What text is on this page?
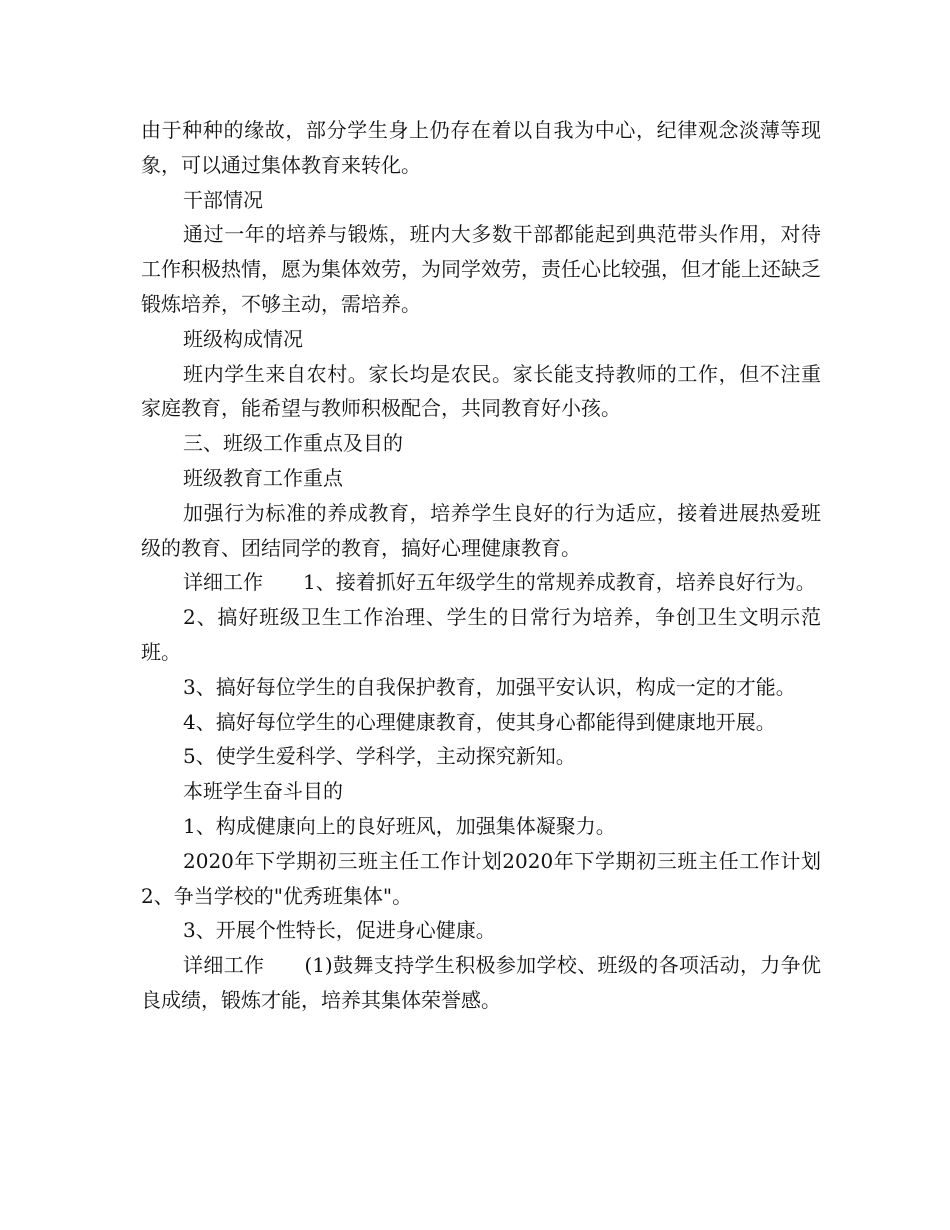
由于种种的缘故，部分学生身上仍存在着以自我为中心，纪律观念淡薄等现象，可以通过集体教育来转化。

干部情况

通过一年的培养与锻炼，班内大多数干部都能起到典范带头作用，对待工作积极热情，愿为集体效劳，为同学效劳，责任心比较强，但才能上还缺乏锻炼培养，不够主动，需培养。

班级构成情况

班内学生来自农村。家长均是农民。家长能支持教师的工作，但不注重家庭教育，能希望与教师积极配合，共同教育好小孩。

三、班级工作重点及目的

班级教育工作重点

加强行为标准的养成教育，培养学生良好的行为适应，接着进展热爱班级的教育、团结同学的教育，搞好心理健康教育。

详细工作 1、接着抓好五年级学生的常规养成教育，培养良好行为。

2、搞好班级卫生工作治理、学生的日常行为培养，争创卫生文明示范班。

3、搞好每位学生的自我保护教育，加强平安认识，构成一定的才能。

4、搞好每位学生的心理健康教育，使其身心都能得到健康地开展。

5、使学生爱科学、学科学，主动探究新知。

本班学生奋斗目的

1、构成健康向上的良好班风，加强集体凝聚力。

2020年下学期初三班主任工作计划2020年下学期初三班主任工作计划2、争当学校的"优秀班集体"。

3、开展个性特长，促进身心健康。

详细工作 (1)鼓舞支持学生积极参加学校、班级的各项活动，力争优良成绩，锻炼才能，培养其集体荣誉感。
